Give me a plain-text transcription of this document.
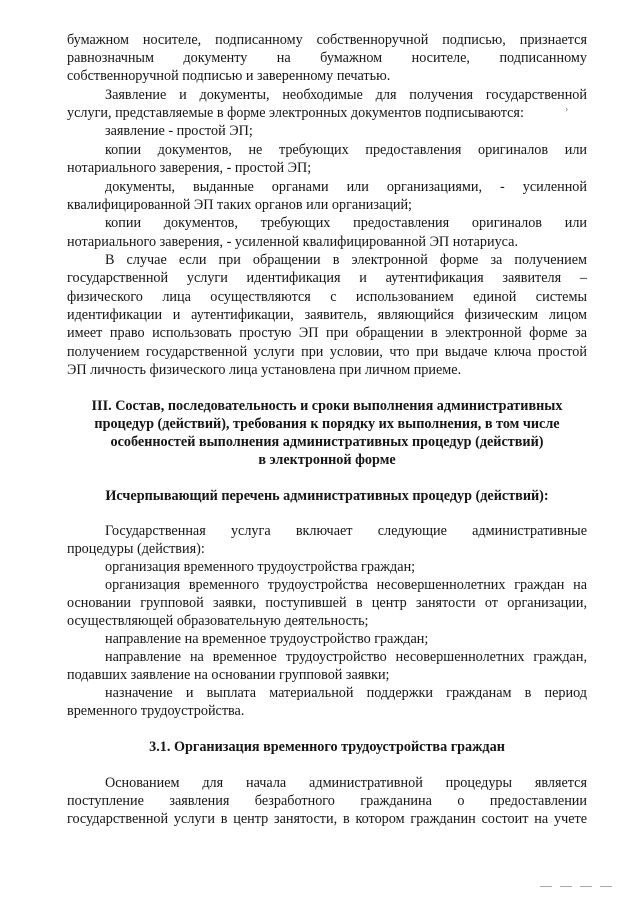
бумажном носителе, подписанному собственноручной подписью, признается

равнозначным документу на бумажном носителе, подписанному

собственноручной подписью и заверенному печатью.

Заявление и документы, необходимые для получения государственной

услуги, представляемые в форме электронных документов подписываются:	›

заявление - простой ЭП;

копии документов, не требующих предоставления оригиналов или

нотариального заверения, - простой ЭП;

документы, выданные органами или организациями, - усиленной

квалифицированной ЭП таких органов или организаций;

копии документов, требующих предоставления оригиналов или

нотариального заверения, - усиленной квалифицированной ЭП нотариуса.

В случае если при обращении в электронной форме за получением

государственной услуги идентификация и аутентификация заявителя –

физического лица осуществляются с использованием единой системы

идентификации и аутентификации, заявитель, являющийся физическим лицом

имеет право использовать простую ЭП при обращении в электронной форме за

получением государственной услуги при условии, что при выдаче ключа простой

ЭП личность физического лица установлена при личном приеме.

III. Состав, последовательность и сроки выполнения административных

процедур (действий), требования к порядку их выполнения, в том числе

особенностей выполнения административных процедур (действий)

в электронной форме

Исчерпывающий перечень административных процедур (действий):

Государственная услуга включает следующие административные

процедуры (действия):

организация временного трудоустройства граждан;

организация временного трудоустройства несовершеннолетних граждан на

основании групповой заявки, поступившей в центр занятости от организации,

осуществляющей образовательную деятельность;

направление на временное трудоустройство граждан;

направление на временное трудоустройство несовершеннолетних граждан,

подавших заявление на основании групповой заявки;

назначение и выплата материальной поддержки гражданам в период

временного трудоустройства.

3.1. Организация временного трудоустройства граждан

Основанием для начала административной процедуры является

поступление заявления безработного гражданина о предоставлении

государственной услуги в центр занятости, в котором гражданин состоит на учете
